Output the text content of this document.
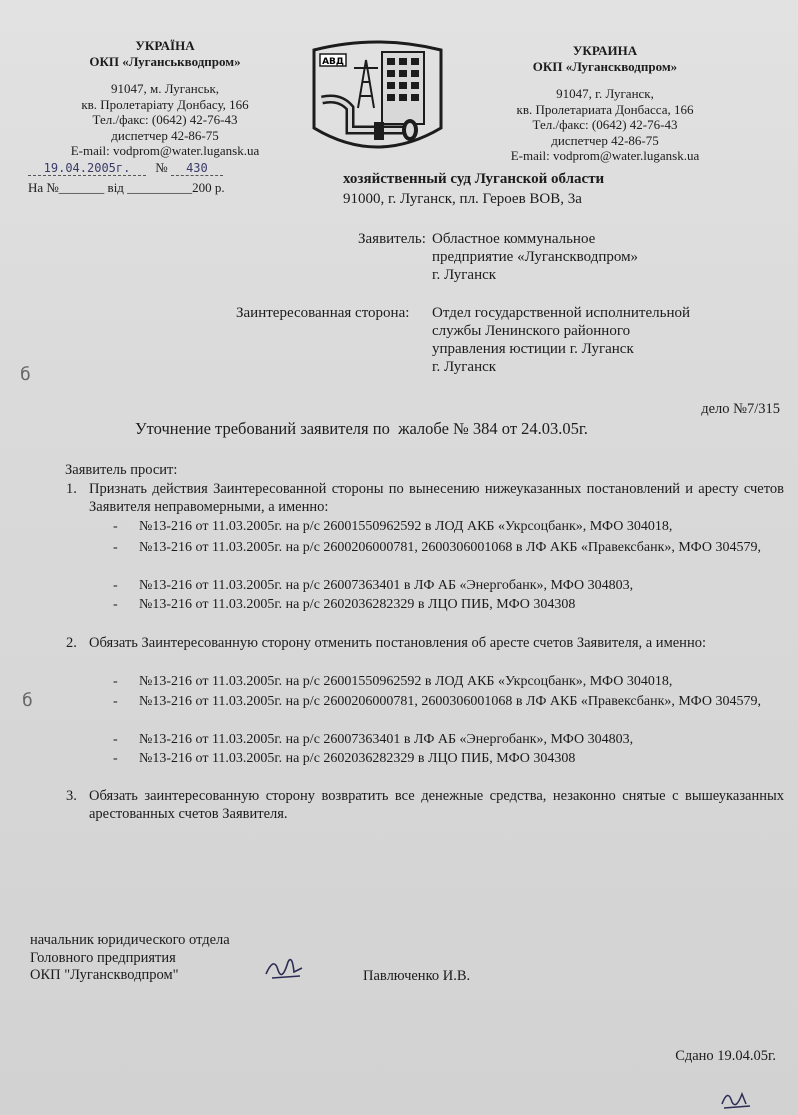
УКРАЇНА
ОКП «Луганськводпром»
91047, м. Луганськ,
кв. Пролетаріату Донбасу, 166
Тел./факс: (0642) 42-76-43
диспетчер 42-86-75
E-mail: vodprom@water.lugansk.ua
19.04.2005г. № 430
На №_______ від __________200 р.
АВД
УКРАИНА
ОКП «Луганскводпром»
91047, г. Луганск,
кв. Пролетариата Донбасса, 166
Тел./факс: (0642) 42-76-43
диспетчер 42-86-75
E-mail: vodprom@water.lugansk.ua
хозяйственный суд Луганской области
91000, г. Луганск, пл. Героев ВОВ, 3а
Заявитель: Областное коммунальное
предприятие «Луганскводпром»
г. Луганск
Заинтересованная сторона: Отдел государственной исполнительной
службы Ленинского районного
управления юстиции г. Луганск
г. Луганск
б
б
дело №7/315
Уточнение требований заявителя по  жалобе № 384 от 24.03.05г.
Заявитель просит:
1. Признать действия Заинтересованной стороны по вынесению нижеуказанных постановлений и аресту счетов Заявителя неправомерными, а именно:
- №13-216 от 11.03.2005г. на р/с 26001550962592 в ЛОД АКБ «Укрсоцбанк», МФО 304018,
- №13-216 от 11.03.2005г. на р/с 2600206000781, 2600306001068 в ЛФ АКБ «Правексбанк», МФО 304579,
- №13-216 от 11.03.2005г. на р/с 26007363401 в ЛФ АБ «Энергобанк», МФО 304803,
- №13-216 от 11.03.2005г. на р/с 2602036282329 в ЛЦО ПИБ, МФО 304308
2. Обязать Заинтересованную сторону отменить постановления об аресте счетов Заявителя, а именно:
- №13-216 от 11.03.2005г. на р/с 26001550962592 в ЛОД АКБ «Укрсоцбанк», МФО 304018,
- №13-216 от 11.03.2005г. на р/с 2600206000781, 2600306001068 в ЛФ АКБ «Правексбанк», МФО 304579,
- №13-216 от 11.03.2005г. на р/с 26007363401 в ЛФ АБ «Энергобанк», МФО 304803,
- №13-216 от 11.03.2005г. на р/с 2602036282329 в ЛЦО ПИБ, МФО 304308
3. Обязать заинтересованную сторону возвратить все денежные средства, незаконно снятые с вышеуказанных арестованных счетов Заявителя.
начальник юридического отдела
Головного предприятия
ОКП "Луганскводпром"	Павлюченко И.В.
Сдано 19.04.05г.
